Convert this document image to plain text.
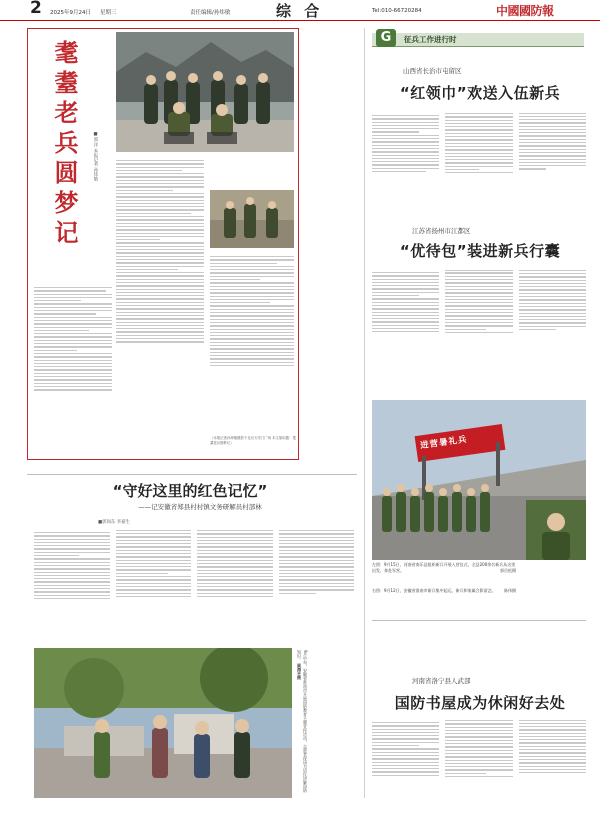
2 2025年9月24日 星期三	责任编辑/孙炜敏	综 合	Tel:010-66720284	中國國防報
耄耋老兵圆梦记	■郭 洋 本报记者 孙炜敏
（本报记者孙炜敏摄影于北京天安门广场 本文原标题：耄耋老兵圆梦记）
G	征兵工作进行时
山西省长治市屯留区
“红领巾”欢送入伍新兵
江苏省扬州市江都区
“优待包”装进新兵行囊
进营暑礼兵
左图：9月15日，河南省南乐县组织新兵开展入营仪式，全县200余名新兵从这里出发，奔赴军营。	郭岳松摄
右图：9月12日，安徽省淮南市新兵集中起运，新兵和家属合影留念。 陈伟摄
“守好这里的红色记忆”
——记安徽省郑县村村镇文务研解员村部林
■郭岗东 李嘉生
9月中旬，安徽省淮南市开展国防教育主题宣传活动，志愿者现场为居民讲解国防知识。 阎海平摄
河南省洛宁县人武部
国防书屋成为休闲好去处
